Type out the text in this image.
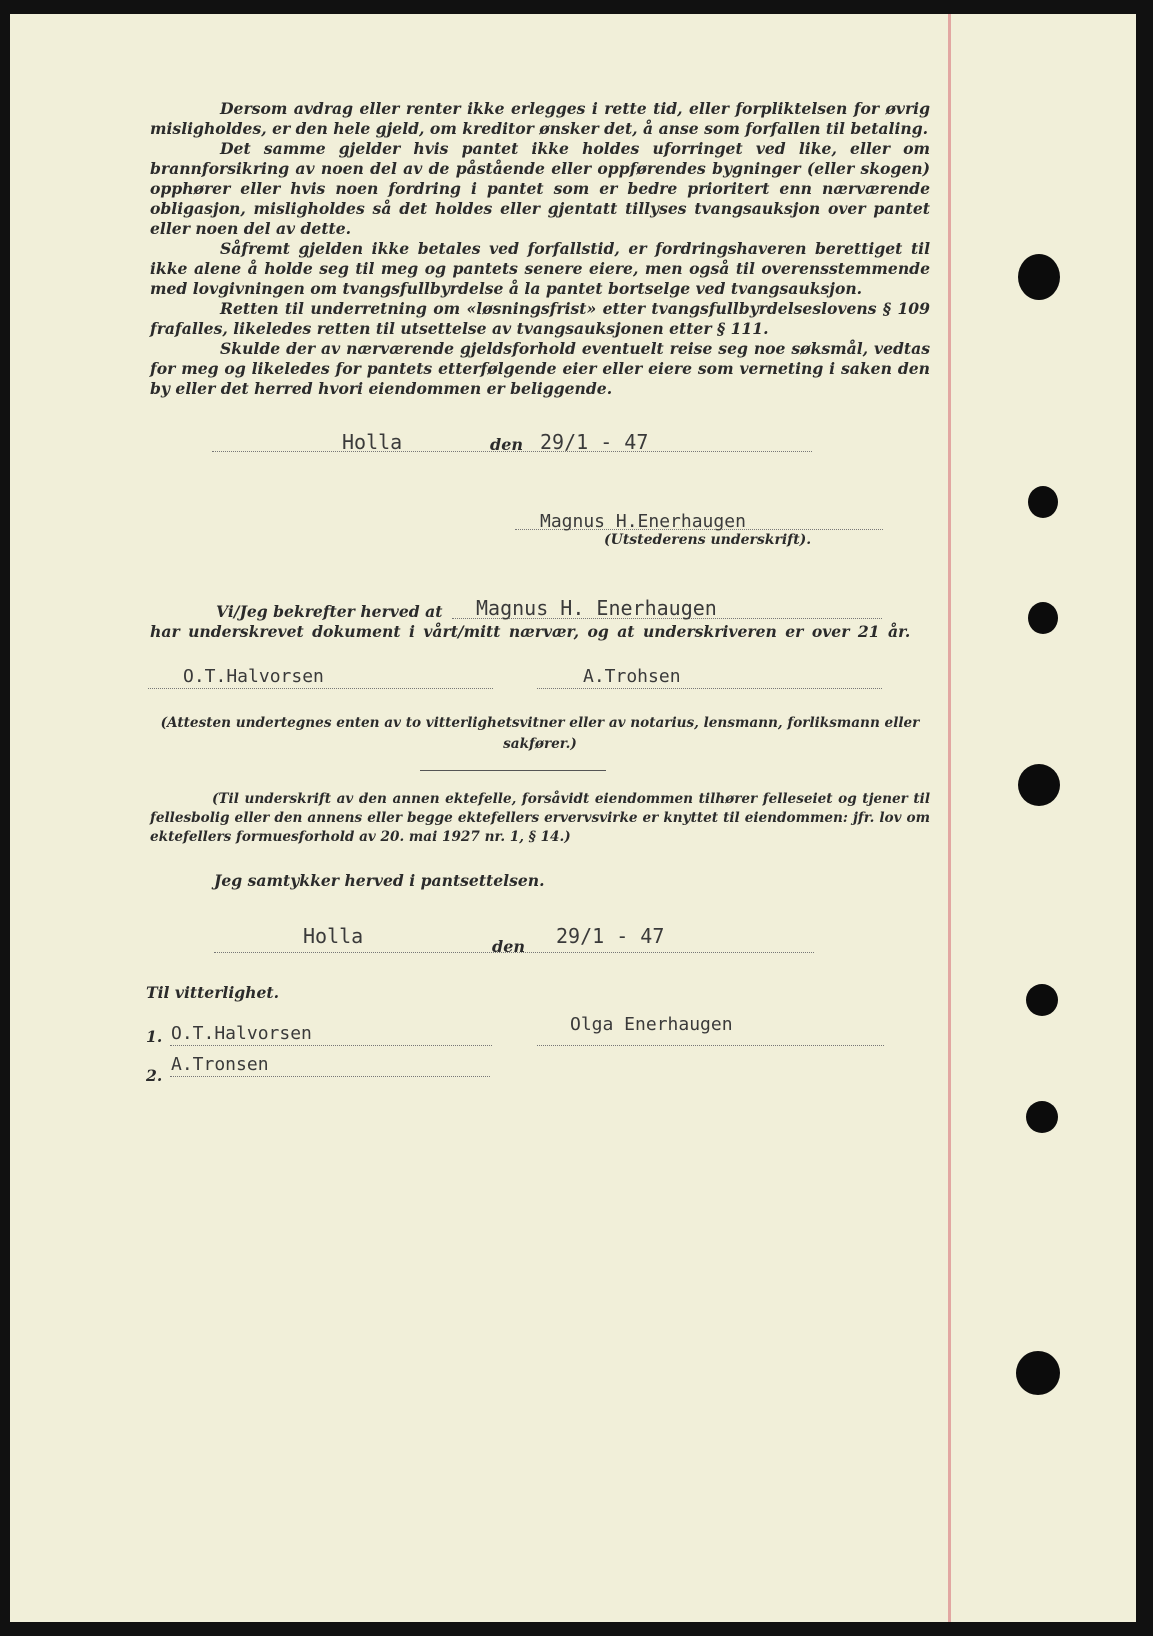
Dersom avdrag eller renter ikke erlegges i rette tid, eller forpliktelsen for øvrig misligholdes, er den hele gjeld, om kreditor ønsker det, å anse som forfallen til betaling.

Det samme gjelder hvis pantet ikke holdes uforringet ved like, eller om brannforsikring av noen del av de påstående eller oppførendes bygninger (eller skogen) opphører eller hvis noen fordring i pantet som er bedre prioritert enn nærværende obligasjon, misligholdes så det holdes eller gjentatt tillyses tvangsauksjon over pantet eller noen del av dette.

Såfremt gjelden ikke betales ved forfallstid, er fordringshaveren berettiget til ikke alene å holde seg til meg og pantets senere eiere, men også til overensstemmende med lovgivningen om tvangsfullbyrdelse å la pantet bortselge ved tvangsauksjon.

Retten til underretning om «løsningsfrist» etter tvangsfullbyrdelseslovens § 109 frafalles, likeledes retten til utsettelse av tvangsauksjonen etter § 111.

Skulde der av nærværende gjeldsforhold eventuelt reise seg noe søksmål, vedtas for meg og likeledes for pantets etterfølgende eier eller eiere som verneting i saken den by eller det herred hvori eiendommen er beliggende.

Holla	den 29/1 - 47
Magnus H.Enerhaugen
(Utstederens underskrift).
Vi/Jeg bekrefter herved at Magnus H. Enerhaugen
har underskrevet dokument i vårt/mitt nærvær, og at underskriveren er over 21 år.
O.T.Halvorsen	A.Trohsen

(Attesten undertegnes enten av to vitterlighetsvitner eller av notarius, lensmann, forliksmann eller sakfører.)

(Til underskrift av den annen ektefelle, forsåvidt eiendommen tilhører felleseiet og tjener til fellesbolig eller den annens eller begge ektefellers ervervsvirke er knyttet til eiendommen: jfr. lov om ektefellers formuesforhold av 20. mai 1927 nr. 1, § 14.)

Jeg samtykker herved i pantsettelsen.
Holla	den 29/1 - 47
Til vitterlighet.
1. O.T.Halvorsen	Olga Enerhaugen
2.
A.Tronsen
